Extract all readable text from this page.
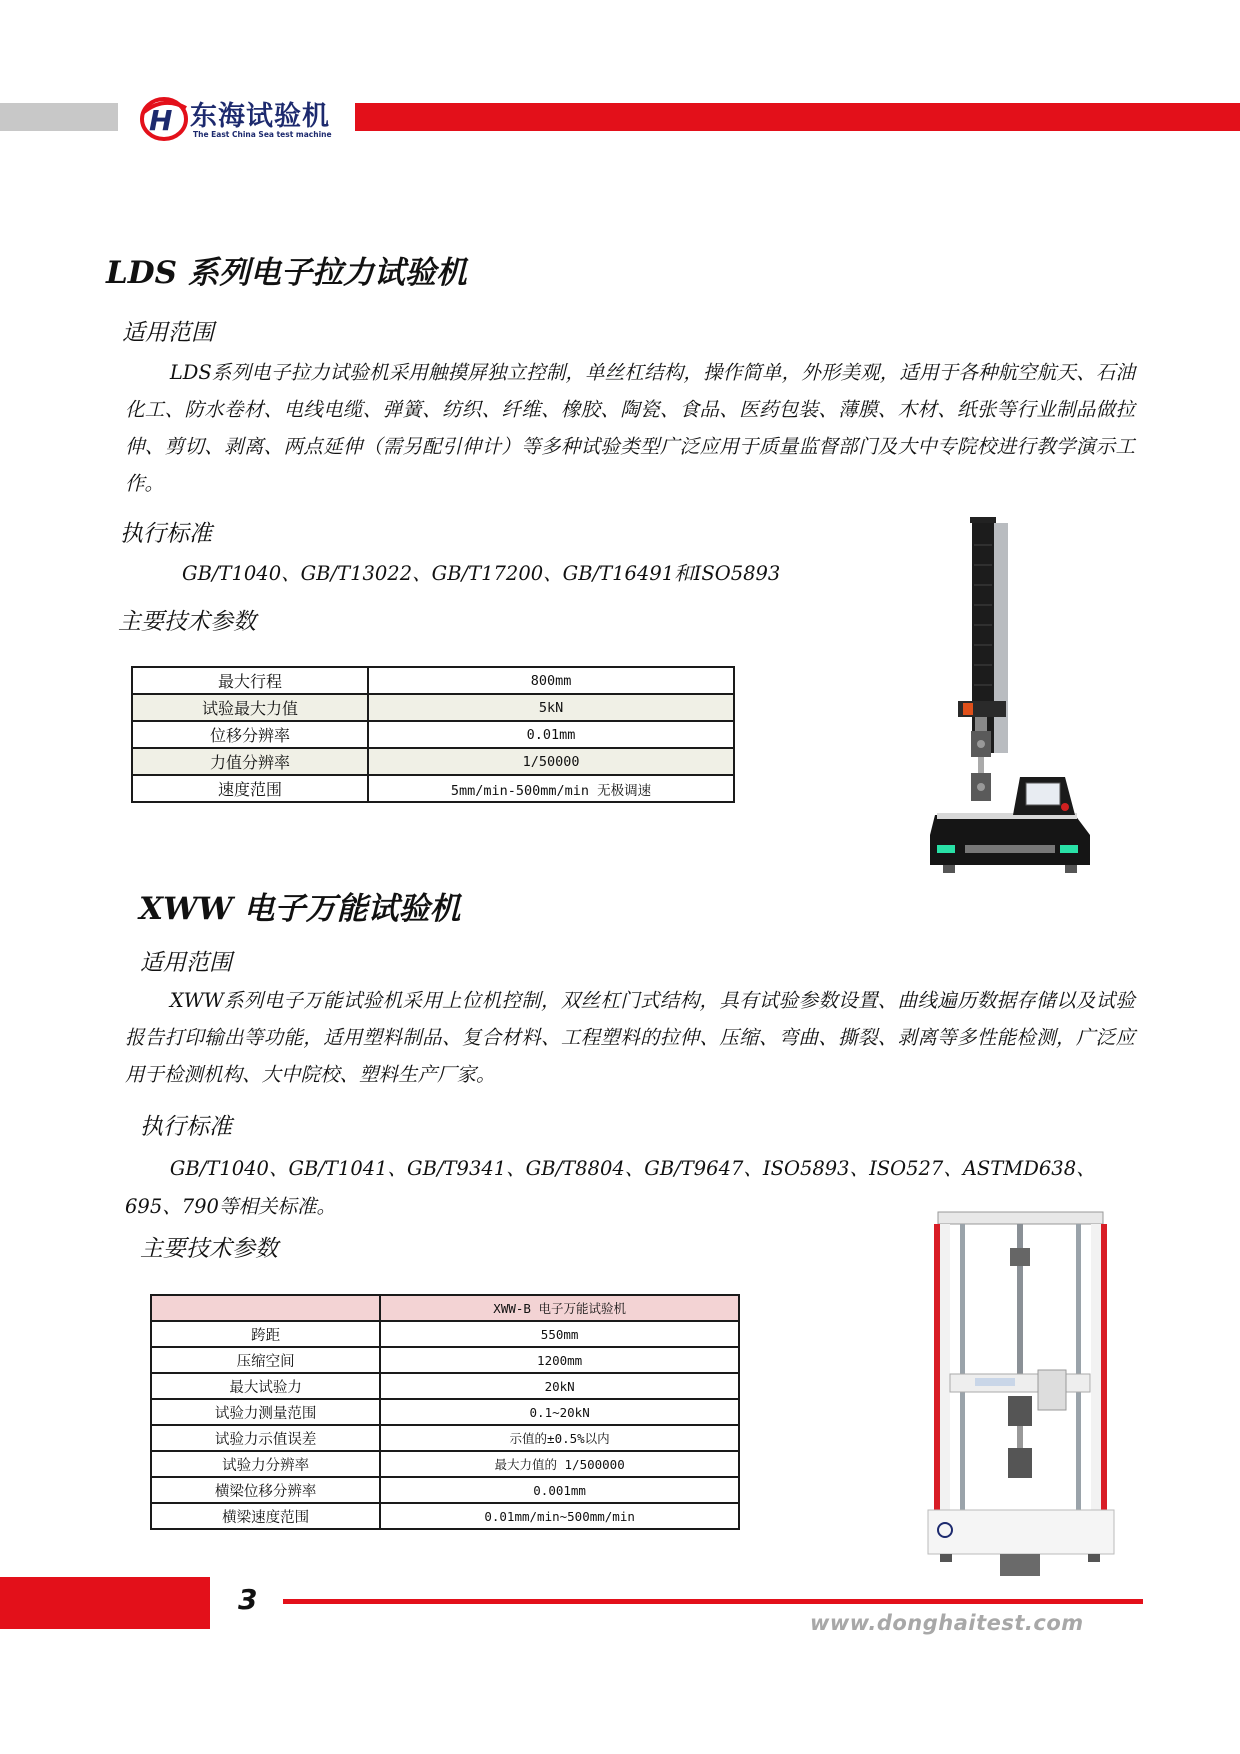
H 东海试验机
The East China Sea test machine
LDS 系列电子拉力试验机
适用范围
LDS系列电子拉力试验机采用触摸屏独立控制，单丝杠结构，操作简单，外形美观，适用于各种航空航天、石油化工、防水卷材、电线电缆、弹簧、纺织、纤维、橡胶、陶瓷、食品、医药包装、薄膜、木材、纸张等行业制品做拉伸、剪切、剥离、两点延伸（需另配引伸计）等多种试验类型广泛应用于质量监督部门及大中专院校进行教学演示工作。
执行标准
GB/T1040、GB/T13022、GB/T17200、GB/T16491和ISO5893
主要技术参数
最大行程	800mm
试验最大力值	5kN
位移分辨率	0.01mm
力值分辨率	1/50000
速度范围	5mm/min-500mm/min 无极调速
XWW 电子万能试验机
适用范围
XWW系列电子万能试验机采用上位机控制，双丝杠门式结构，具有试验参数设置、曲线遍历数据存储以及试验报告打印输出等功能，适用塑料制品、复合材料、工程塑料的拉伸、压缩、弯曲、撕裂、剥离等多性能检测，广泛应用于检测机构、大中院校、塑料生产厂家。
执行标准
GB/T1040、GB/T1041、GB/T9341、GB/T8804、GB/T9647、ISO5893、ISO527、ASTMD638、695、790等相关标准。
主要技术参数
	XWW-B 电子万能试验机
跨距	550mm
压缩空间	1200mm
最大试验力	20kN
试验力测量范围	0.1~20kN
试验力示值误差	示值的±0.5%以内
试验力分辨率	最大力值的 1/500000
横梁位移分辨率	0.001mm
横梁速度范围	0.01mm/min~500mm/min
3
www.donghaitest.com
